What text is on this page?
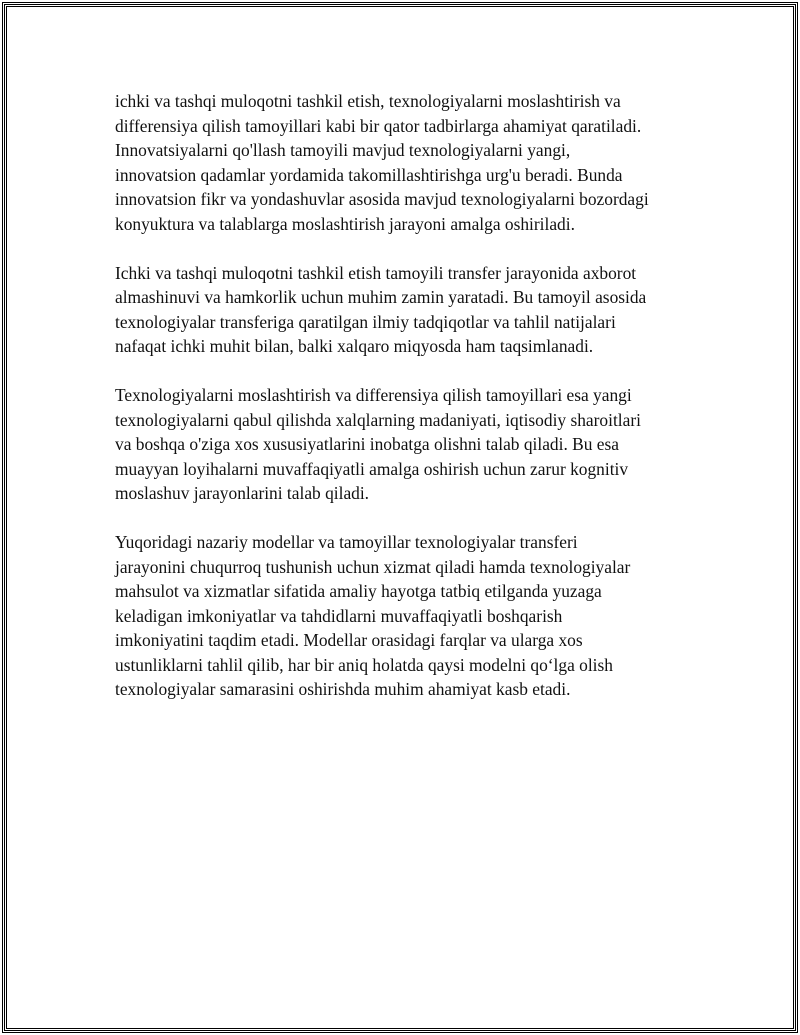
ichki va tashqi muloqotni tashkil etish, texnologiyalarni moslashtirish va
differensiya qilish tamoyillari kabi bir qator tadbirlarga ahamiyat qaratiladi.
Innovatsiyalarni qo'llash tamoyili mavjud texnologiyalarni yangi,
innovatsion qadamlar yordamida takomillashtirishga urg'u beradi. Bunda
innovatsion fikr va yondashuvlar asosida mavjud texnologiyalarni bozordagi
konyuktura va talablarga moslashtirish jarayoni amalga oshiriladi.
Ichki va tashqi muloqotni tashkil etish tamoyili transfer jarayonida axborot
almashinuvi va hamkorlik uchun muhim zamin yaratadi. Bu tamoyil asosida
texnologiyalar transferiga qaratilgan ilmiy tadqiqotlar va tahlil natijalari
nafaqat ichki muhit bilan, balki xalqaro miqyosda ham taqsimlanadi.
Texnologiyalarni moslashtirish va differensiya qilish tamoyillari esa yangi
texnologiyalarni qabul qilishda xalqlarning madaniyati, iqtisodiy sharoitlari
va boshqa o'ziga xos xususiyatlarini inobatga olishni talab qiladi. Bu esa
muayyan loyihalarni muvaffaqiyatli amalga oshirish uchun zarur kognitiv
moslashuv jarayonlarini talab qiladi.
Yuqoridagi nazariy modellar va tamoyillar texnologiyalar transferi
jarayonini chuqurroq tushunish uchun xizmat qiladi hamda texnologiyalar
mahsulot va xizmatlar sifatida amaliy hayotga tatbiq etilganda yuzaga
keladigan imkoniyatlar va tahdidlarni muvaffaqiyatli boshqarish
imkoniyatini taqdim etadi. Modellar orasidagi farqlar va ularga xos
ustunliklarni tahlil qilib, har bir aniq holatda qaysi modelni qo‘lga olish
texnologiyalar samarasini oshirishda muhim ahamiyat kasb etadi.
